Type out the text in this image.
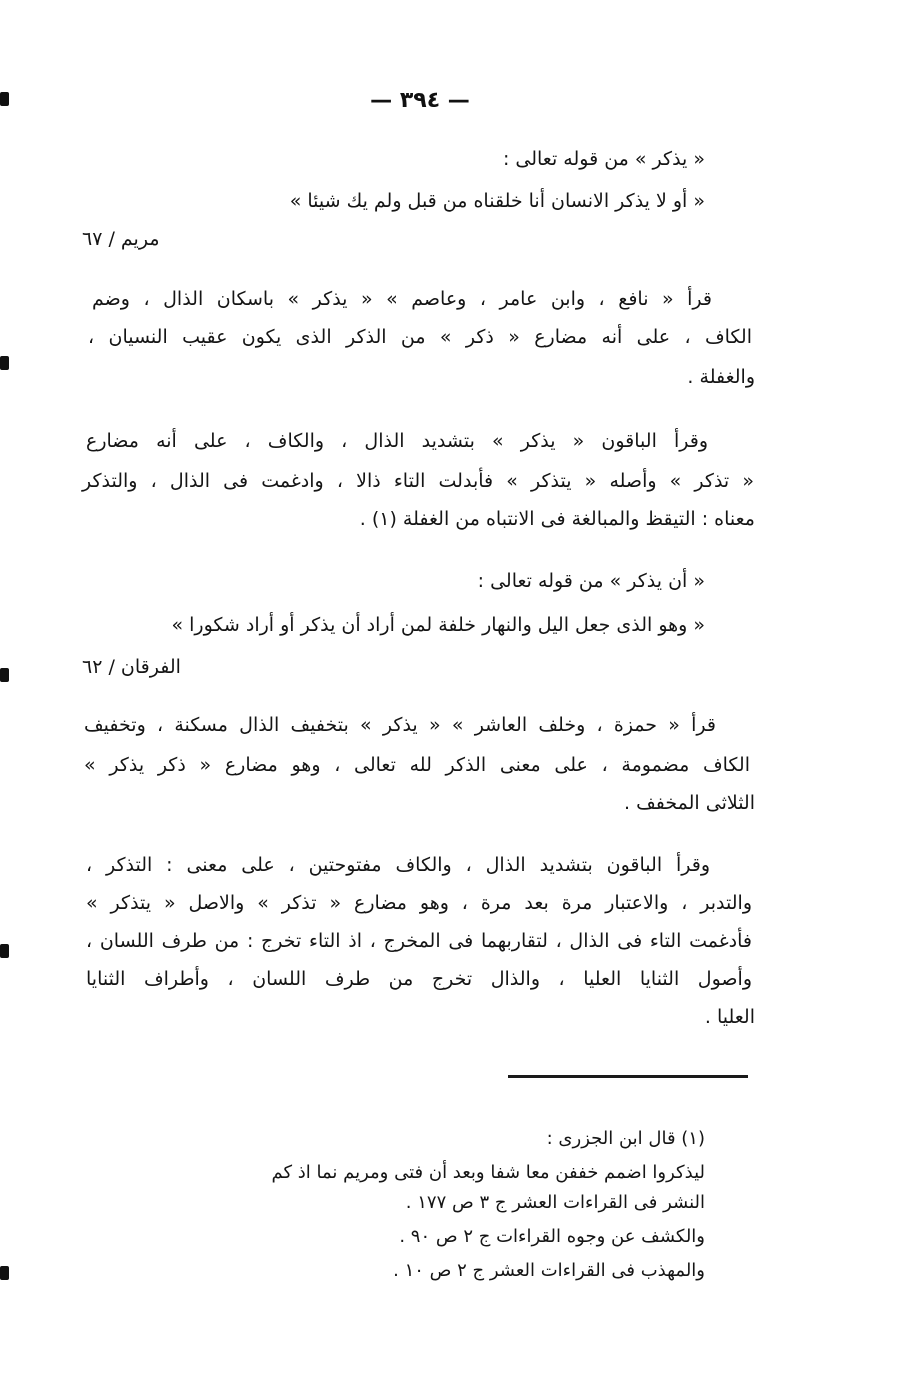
— ٣٩٤ —
« يذكر » من قوله تعالى :
« أو لا يذكر الانسان أنا خلقناه من قبل ولم يك شيئا »
مريم / ٦٧
قرأ « نافع ، وابن عامر ، وعاصم » « يذكر » باسكان الذال ، وضم
الكاف ، على أنه مضارع « ذكر » من الذكر الذى يكون عقيب النسيان ،
والغفلة .
وقرأ الباقون « يذكر » بتشديد الذال ، والكاف ، على أنه مضارع
« تذكر » وأصله « يتذكر » فأبدلت التاء ذالا ، وادغمت فى الذال ، والتذكر
معناه : التيقظ والمبالغة فى الانتباه من الغفلة (١) .
« أن يذكر » من قوله تعالى :
« وهو الذى جعل اليل والنهار خلفة لمن أراد أن يذكر أو أراد شكورا »
الفرقان / ٦٢
قرأ « حمزة ، وخلف العاشر » « يذكر » بتخفيف الذال مسكنة ، وتخفيف
الكاف مضمومة ، على معنى الذكر لله تعالى ، وهو مضارع « ذكر يذكر »
الثلاثى المخفف .
وقرأ الباقون بتشديد الذال ، والكاف مفتوحتين ، على معنى : التذكر ،
والتدبر ، والاعتبار مرة بعد مرة ، وهو مضارع « تذكر » والاصل « يتذكر »
فأدغمت التاء فى الذال ، لتقاربهما فى المخرج ، اذ التاء تخرج : من طرف اللسان ،
وأصول الثنايا العليا ، والذال تخرج من طرف اللسان ، وأطراف الثنايا
العليا .
(١) قال ابن الجزرى :
ليذكروا اضمم خففن معا شفا وبعد أن فتى ومريم نما اذ كم
النشر فى القراءات العشر ج ٣ ص ١٧٧ .
والكشف عن وجوه القراءات ج ٢ ص ٩٠ .
والمهذب فى القراءات العشر ج ٢ ص ١٠ .
